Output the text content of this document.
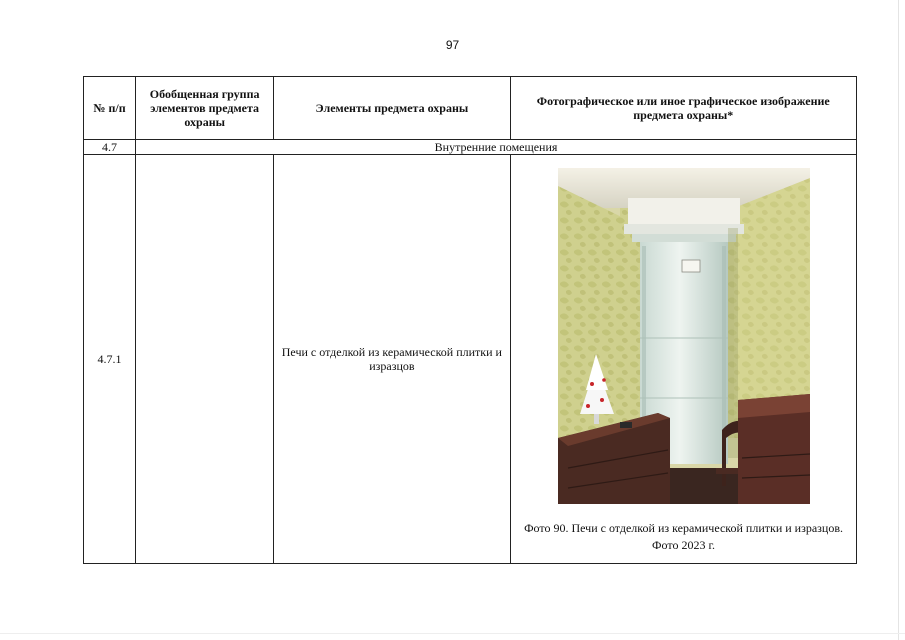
97
№ п/п	Обобщенная группа элементов предмета охраны	Элементы предмета охраны	Фотографическое или иное графическое изображение предмета охраны*
4.7	Внутренние помещения		
4.7.1		Печи с отделкой из керамической плитки и изразцов	Фото 90. Печи с отделкой из керамической плитки и изразцов. Фото 2023 г.
